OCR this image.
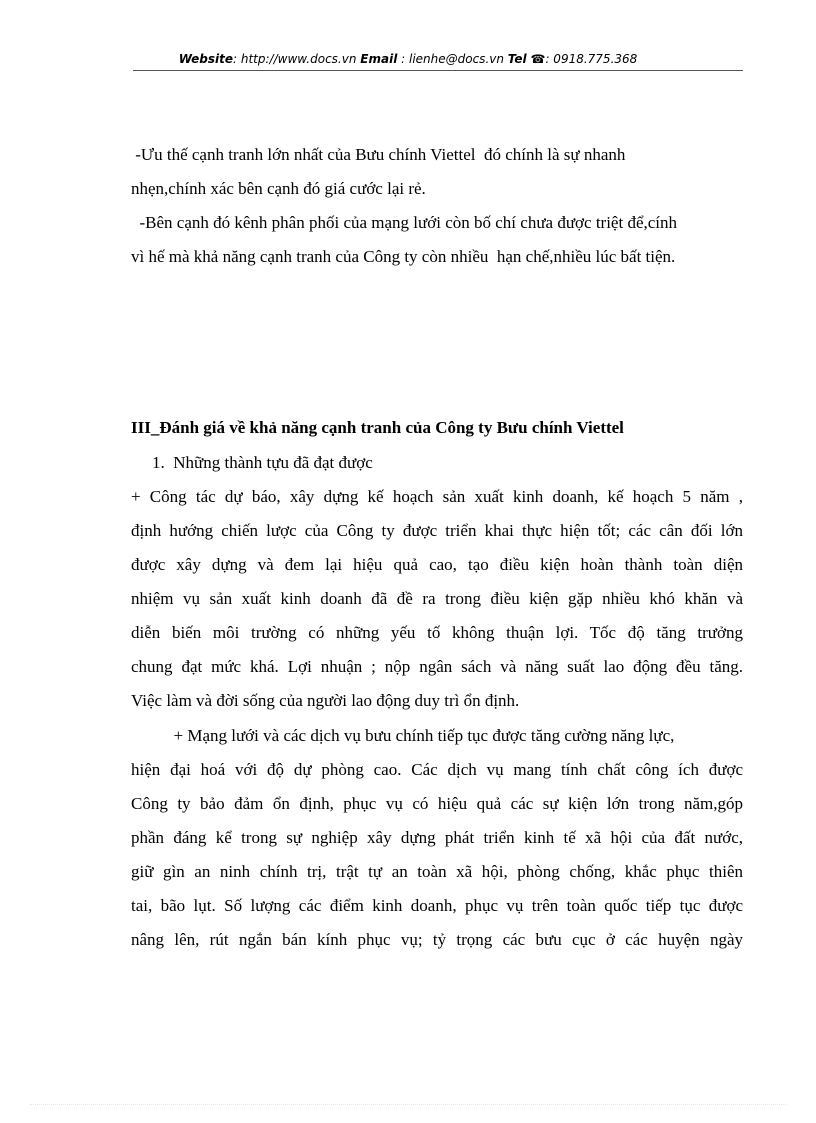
Website: http://www.docs.vn Email : lienhe@docs.vn Tel ☎: 0918.775.368
-Ưu thế cạnh tranh lớn nhất của Bưu chính Viettel  đó chính là sự nhanh
nhẹn,chính xác bên cạnh đó giá cước lại rẻ.
-Bên cạnh đó kênh phân phối của mạng lưới còn bố chí chưa được triệt để,cính
vì hế mà khả năng cạnh tranh của Công ty còn nhiều  hạn chế,nhiều lúc bất tiện.
III_Đánh giá về khả năng cạnh tranh của Công ty Bưu chính Viettel
1.  Những thành tựu đã đạt được
+ Công tác dự báo, xây dựng kế hoạch sản xuất kinh doanh, kế hoạch 5 năm ,
định hướng chiến lược của Công ty được triển khai thực hiện tốt; các cân đối lớn
được xây dựng và đem lại hiệu quả cao, tạo điều kiện hoàn thành toàn diện
nhiệm vụ sản xuất kinh doanh đã đề ra trong điều kiện gặp nhiều khó khăn và
diễn biến môi trường có những yếu tố không thuận lợi. Tốc độ tăng trưởng
chung đạt mức khá. Lợi nhuận ; nộp ngân sách và năng suất lao động đều tăng.
Việc làm và đời sống của người lao động duy trì ổn định.
+ Mạng lưới và các dịch vụ bưu chính tiếp tục được tăng cường năng lực,
hiện đại hoá với độ dự phòng cao. Các dịch vụ mang tính chất công ích được
Công ty bảo đảm ổn định, phục vụ có hiệu quả các sự kiện lớn trong năm,góp
phần đáng kể trong sự nghiệp xây dựng phát triển kinh tế xã hội của đất nước,
giữ gìn an ninh chính trị, trật tự an toàn xã hội, phòng chống, khắc phục thiên
tai, bão lụt. Số lượng các điểm kinh doanh, phục vụ trên toàn quốc tiếp tục được
nâng lên, rút ngắn bán kính phục vụ; tỷ trọng các bưu cục ở các huyện ngày
